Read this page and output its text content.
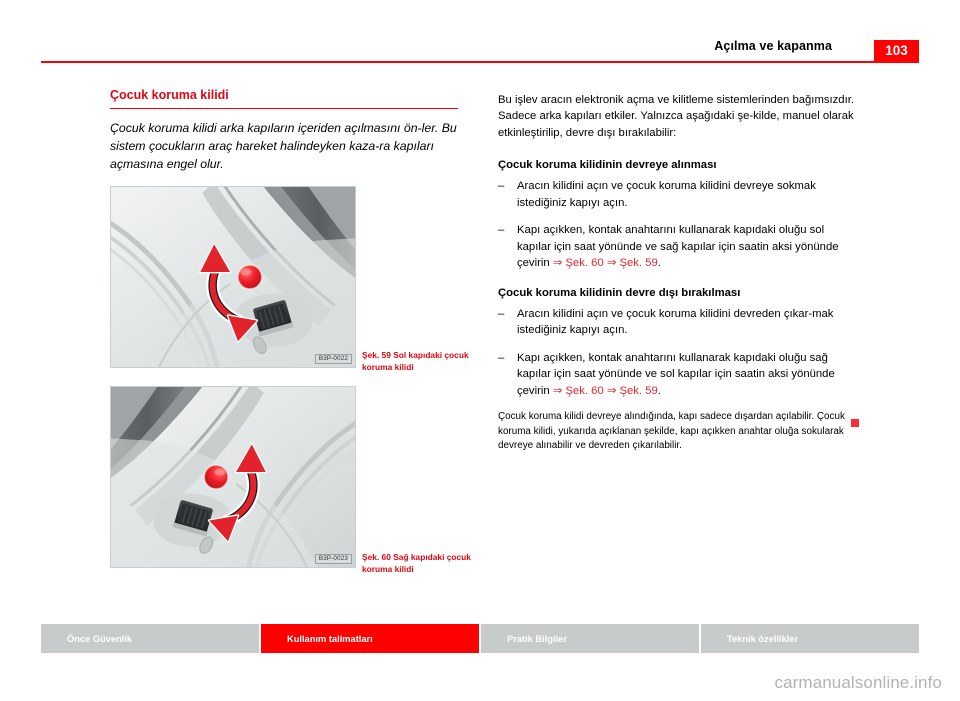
Açılma ve kapanma	103
Çocuk koruma kilidi

Çocuk koruma kilidi arka kapıların içeriden açılmasını ön-ler. Bu sistem çocukların araç hareket halindeyken kaza-ra kapıları açmasına engel olur.

B3P-0022	Şek. 59 Sol kapıdaki çocuk koruma kilidi
B3P-0023	Şek. 60 Sağ kapıdaki çocuk koruma kilidi

Bu işlev aracın elektronik açma ve kilitleme sistemlerinden bağımsızdır. Sadece arka kapıları etkiler. Yalnızca aşağıdaki şe-kilde, manuel olarak etkinleştirilip, devre dışı bırakılabilir:

Çocuk koruma kilidinin devreye alınması
– Aracın kilidini açın ve çocuk koruma kilidini devreye sokmak istediğiniz kapıyı açın.
– Kapı açıkken, kontak anahtarını kullanarak kapıdaki oluğu sol kapılar için saat yönünde ve sağ kapılar için saatin aksi yönünde çevirin ⇒ Şek. 60 ⇒ Şek. 59.
Çocuk koruma kilidinin devre dışı bırakılması
– Aracın kilidini açın ve çocuk koruma kilidini devreden çıkar-mak istediğiniz kapıyı açın.
– Kapı açıkken, kontak anahtarını kullanarak kapıdaki oluğu sağ kapılar için saat yönünde ve sol kapılar için saatin aksi yönünde çevirin ⇒ Şek. 60 ⇒ Şek. 59.

Çocuk koruma kilidi devreye alındığında, kapı sadece dışardan açılabilir. Çocuk koruma kilidi, yukarıda açıklanan şekilde, kapı açıkken anahtar oluğa sokularak devreye alınabilir ve devreden çıkarılabilir.

Önce Güvenlik	Kullanım talimatları	Pratik Bilgiler	Teknik özellikler
carmanualsonline.info
